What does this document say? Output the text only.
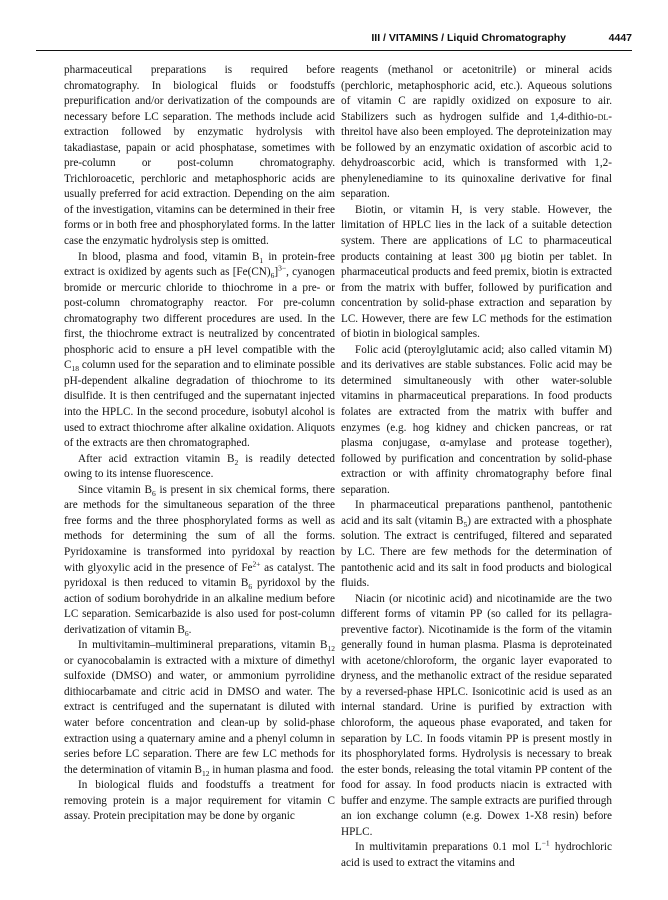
III / VITAMINS / Liquid Chromatography	4447

pharmaceutical preparations is required before chromatography. In biological fluids or foodstuffs prepurification and/or derivatization of the compounds are necessary before LC separation. The methods include acid extraction followed by enzymatic hydrolysis with takadiastase, papain or acid phosphatase, sometimes with pre-column or post-column chromatography. Trichloroacetic, perchloric and metaphosphoric acids are usually preferred for acid extraction. Depending on the aim of the investigation, vitamins can be determined in their free forms or in both free and phosphorylated forms. In the latter case the enzymatic hydrolysis step is omitted.

In blood, plasma and food, vitamin $B_1$ in protein-free extract is oxidized by agents such as $[Fe(CN)_6]^{3-}$, cyanogen bromide or mercuric chloride to thiochrome in a pre- or post-column chromatography reactor. For pre-column chromatography two different procedures are used. In the first, the thiochrome extract is neutralized by concentrated phosphoric acid to ensure a pH level compatible with the $C_{18}$ column used for the separation and to eliminate possible pH-dependent alkaline degradation of thiochrome to its disulfide. It is then centrifuged and the supernatant injected into the HPLC. In the second procedure, isobutyl alcohol is used to extract thiochrome after alkaline oxidation. Aliquots of the extracts are then chromatographed.

After acid extraction vitamin $B_2$ is readily detected owing to its intense fluorescence.

Since vitamin $B_6$ is present in six chemical forms, there are methods for the simultaneous separation of the three free forms and the three phosphorylated forms as well as methods for determining the sum of all the forms. Pyridoxamine is transformed into pyridoxal by reaction with glyoxylic acid in the presence of $Fe^{2+}$ as catalyst. The pyridoxal is then reduced to vitamin $B_6$ pyridoxol by the action of sodium borohydride in an alkaline medium before LC separation. Semicarbazide is also used for post-column derivatization of vitamin $B_6$.

In multivitamin–multimineral preparations, vitamin $B_{12}$ or cyanocobalamin is extracted with a mixture of dimethyl sulfoxide (DMSO) and water, or ammonium pyrrolidine dithiocarbamate and citric acid in DMSO and water. The extract is centrifuged and the supernatant is diluted with water before concentration and clean-up by solid-phase extraction using a quaternary amine and a phenyl column in series before LC separation. There are few LC methods for the determination of vitamin $B_{12}$ in human plasma and food.

In biological fluids and foodstuffs a treatment for removing protein is a major requirement for vitamin C assay. Protein precipitation may be done by organic

reagents (methanol or acetonitrile) or mineral acids (perchloric, metaphosphoric acid, etc.). Aqueous solutions of vitamin C are rapidly oxidized on exposure to air. Stabilizers such as hydrogen sulfide and 1,4-dithio-dl-threitol have also been employed. The deproteinization may be followed by an enzymatic oxidation of ascorbic acid to dehydroascorbic acid, which is transformed with 1,2-phenylenediamine to its quinoxaline derivative for final separation.

Biotin, or vitamin H, is very stable. However, the limitation of HPLC lies in the lack of a suitable detection system. There are applications of LC to pharmaceutical products containing at least 300 μg biotin per tablet. In pharmaceutical products and feed premix, biotin is extracted from the matrix with buffer, followed by purification and concentration by solid-phase extraction and separation by LC. However, there are few LC methods for the estimation of biotin in biological samples.

Folic acid (pteroylglutamic acid; also called vitamin M) and its derivatives are stable substances. Folic acid may be determined simultaneously with other water-soluble vitamins in pharmaceutical preparations. In food products folates are extracted from the matrix with buffer and enzymes (e.g. hog kidney and chicken pancreas, or rat plasma conjugase, α-amylase and protease together), followed by purification and concentration by solid-phase extraction or with affinity chromatography before final separation.

In pharmaceutical preparations panthenol, pantothenic acid and its salt (vitamin $B_5$) are extracted with a phosphate solution. The extract is centrifuged, filtered and separated by LC. There are few methods for the determination of pantothenic acid and its salt in food products and biological fluids.

Niacin (or nicotinic acid) and nicotinamide are the two different forms of vitamin PP (so called for its pellagra-preventive factor). Nicotinamide is the form of the vitamin generally found in human plasma. Plasma is deproteinated with acetone/chloroform, the organic layer evaporated to dryness, and the methanolic extract of the residue separated by a reversed-phase HPLC. Isonicotinic acid is used as an internal standard. Urine is purified by extraction with chloroform, the aqueous phase evaporated, and taken for separation by LC. In foods vitamin PP is present mostly in its phosphorylated forms. Hydrolysis is necessary to break the ester bonds, releasing the total vitamin PP content of the food for assay. In food products niacin is extracted with buffer and enzyme. The sample extracts are purified through an ion exchange column (e.g. Dowex 1-X8 resin) before HPLC.

In multivitamin preparations 0.1 mol $L^{-1}$ hydrochloric acid is used to extract the vitamins and
